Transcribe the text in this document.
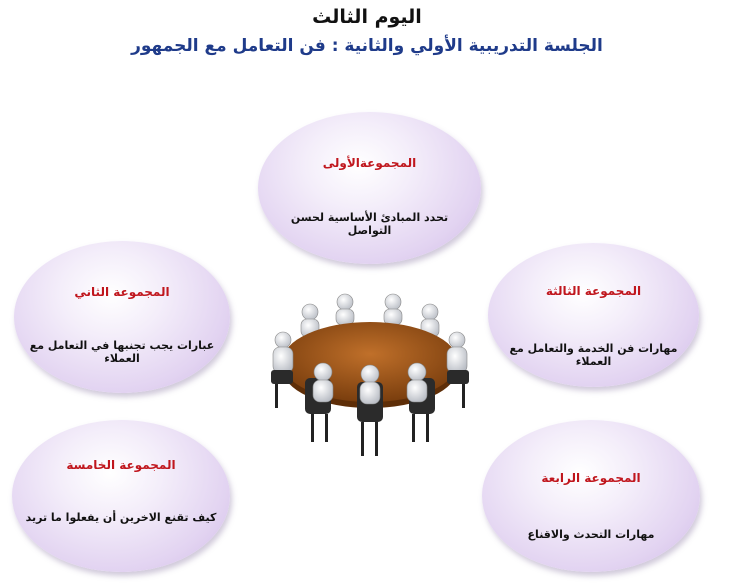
اليوم الثالث
الجلسة التدريبية الأولي والثانية : فن التعامل مع الجمهور
المجموعةالأولى
تحدد المبادئ الأساسية لحسن التواصل
المجموعة الثاني
عبارات يجب تجنبها في التعامل مع العملاء
المجموعة الثالثة
مهارات فن الخدمة والتعامل مع العملاء
المجموعة الرابعة
مهارات التحدث والاقناع
المجموعة الخامسة
كيف تقنع الاخرين أن يفعلوا ما تريد
